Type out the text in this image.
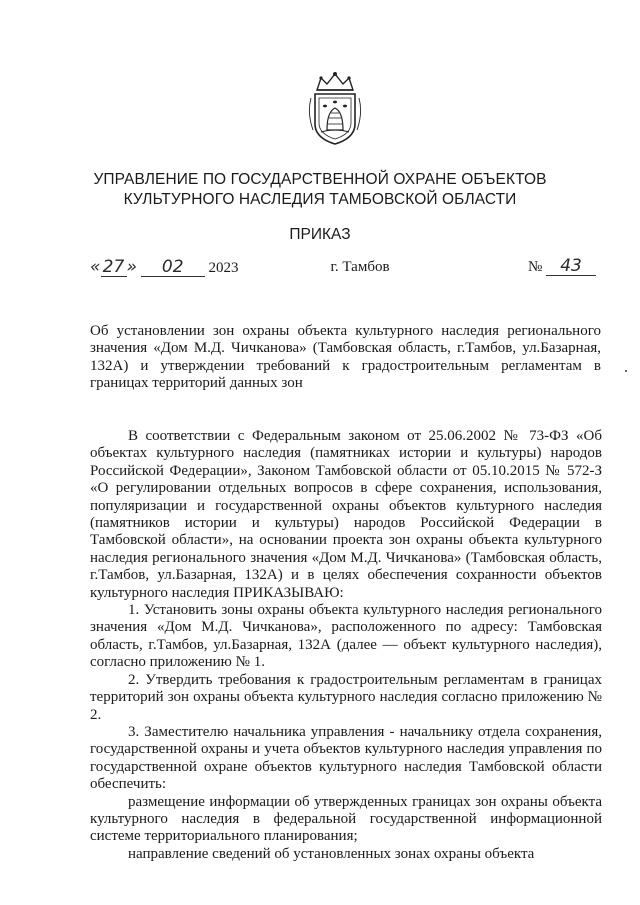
УПРАВЛЕНИЕ ПО ГОСУДАРСТВЕННОЙ ОХРАНЕ ОБЪЕКТОВ
КУЛЬТУРНОГО НАСЛЕДИЯ ТАМБОВСКОЙ ОБЛАСТИ
ПРИКАЗ
« 27 » 02 2023	г. Тамбов	№ 43
Об установлении зон охраны объекта культурного наследия регионального значения «Дом М.Д. Чичканова» (Тамбовская область, г.Тамбов, ул.Базарная, 132А) и утверждении требований к градостроительным регламентам в границах территорий данных зон

В соответствии с Федеральным законом от 25.06.2002 № 73-ФЗ «Об объектах культурного наследия (памятниках истории и культуры) народов Российской Федерации», Законом Тамбовской области от 05.10.2015 № 572-З «О регулировании отдельных вопросов в сфере сохранения, использования, популяризации и государственной охраны объектов культурного наследия (памятников истории и культуры) народов Российской Федерации в Тамбовской области», на основании проекта зон охраны объекта культурного наследия регионального значения «Дом М.Д. Чичканова» (Тамбовская область, г.Тамбов, ул.Базарная, 132А) и в целях обеспечения сохранности объектов культурного наследия ПРИКАЗЫВАЮ:

1. Установить зоны охраны объекта культурного наследия регионального значения «Дом М.Д. Чичканова», расположенного по адресу: Тамбовская область, г.Тамбов, ул.Базарная, 132А (далее — объект культурного наследия), согласно приложению № 1.

2. Утвердить требования к градостроительным регламентам в границах территорий зон охраны объекта культурного наследия согласно приложению № 2.

3. Заместителю начальника управления - начальнику отдела сохранения, государственной охраны и учета объектов культурного наследия управления по государственной охране объектов культурного наследия Тамбовской области обеспечить:

размещение информации об утвержденных границах зон охраны объекта культурного наследия в федеральной государственной информационной системе территориального планирования;

направление сведений об установленных зонах охраны объекта
